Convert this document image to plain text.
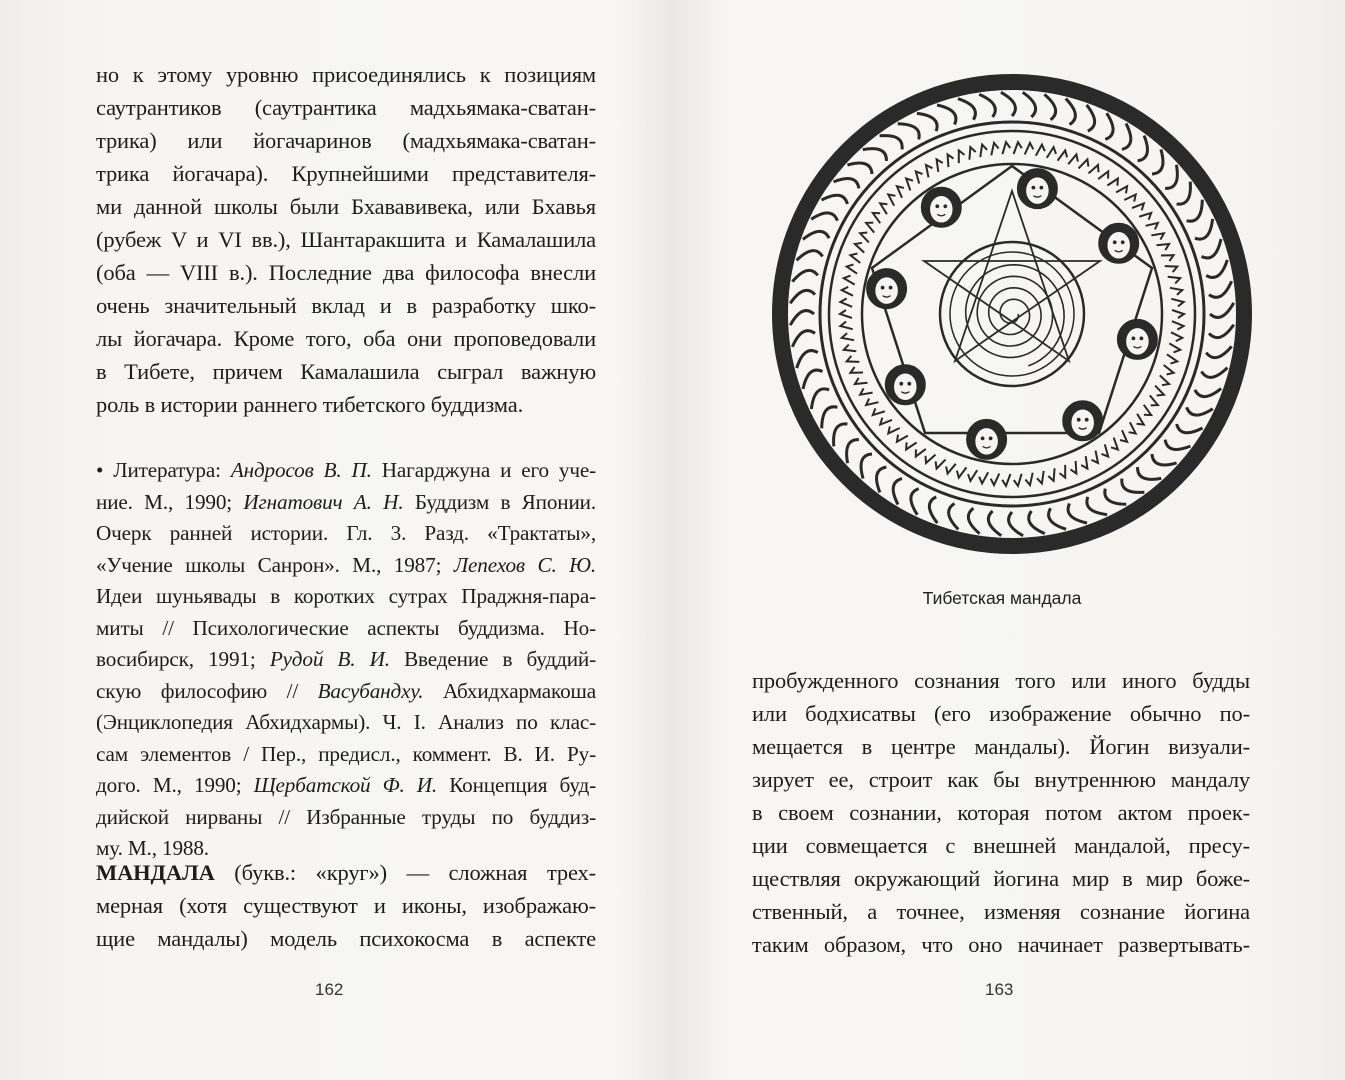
но к этому уровню присоединялись к позициям
саутрантиков (саутрантика мадхьямака-сватан-
трика) или йогачаринов (мадхьямака-сватан-
трика йогачара). Крупнейшими представителя-
ми данной школы были Бхававивека, или Бхавья
(рубеж V и VI вв.), Шантаракшита и Камалашила
(оба — VIII в.). Последние два философа внесли
очень значительный вклад и в разработку шко-
лы йогачара. Кроме того, оба они проповедовали
в Тибете, причем Камалашила сыграл важную
роль в истории раннего тибетского буддизма.
• Литература: Андросов В. П. Нагарджуна и его уче-
ние. М., 1990; Игнатович А. Н. Буддизм в Японии.
Очерк ранней истории. Гл. 3. Разд. «Трактаты»,
«Учение школы Санрон». М., 1987; Лепехов С. Ю.
Идеи шуньявады в коротких сутрах Праджня-пара-
миты // Психологические аспекты буддизма. Но-
восибирск, 1991; Рудой В. И. Введение в буддий-
скую философию // Васубандху. Абхидхармакоша
(Энциклопедия Абхидхармы). Ч. I. Анализ по клас-
сам элементов / Пер., предисл., коммент. В. И. Ру-
дого. М., 1990; Щербатской Ф. И. Концепция буд-
дийской нирваны // Избранные труды по буддиз-
му. М., 1988.
МАНДАЛА (букв.: «круг») — сложная трех-
мерная (хотя существуют и иконы, изображаю-
щие мандалы) модель психокосма в аспекте
162
Тибетская мандала
пробужденного сознания того или иного будды
или бодхисатвы (его изображение обычно по-
мещается в центре мандалы). Йогин визуали-
зирует ее, строит как бы внутреннюю мандалу
в своем сознании, которая потом актом проек-
ции совмещается с внешней мандалой, пресу-
ществляя окружающий йогина мир в мир боже-
ственный, а точнее, изменяя сознание йогина
таким образом, что оно начинает развертывать-
163
